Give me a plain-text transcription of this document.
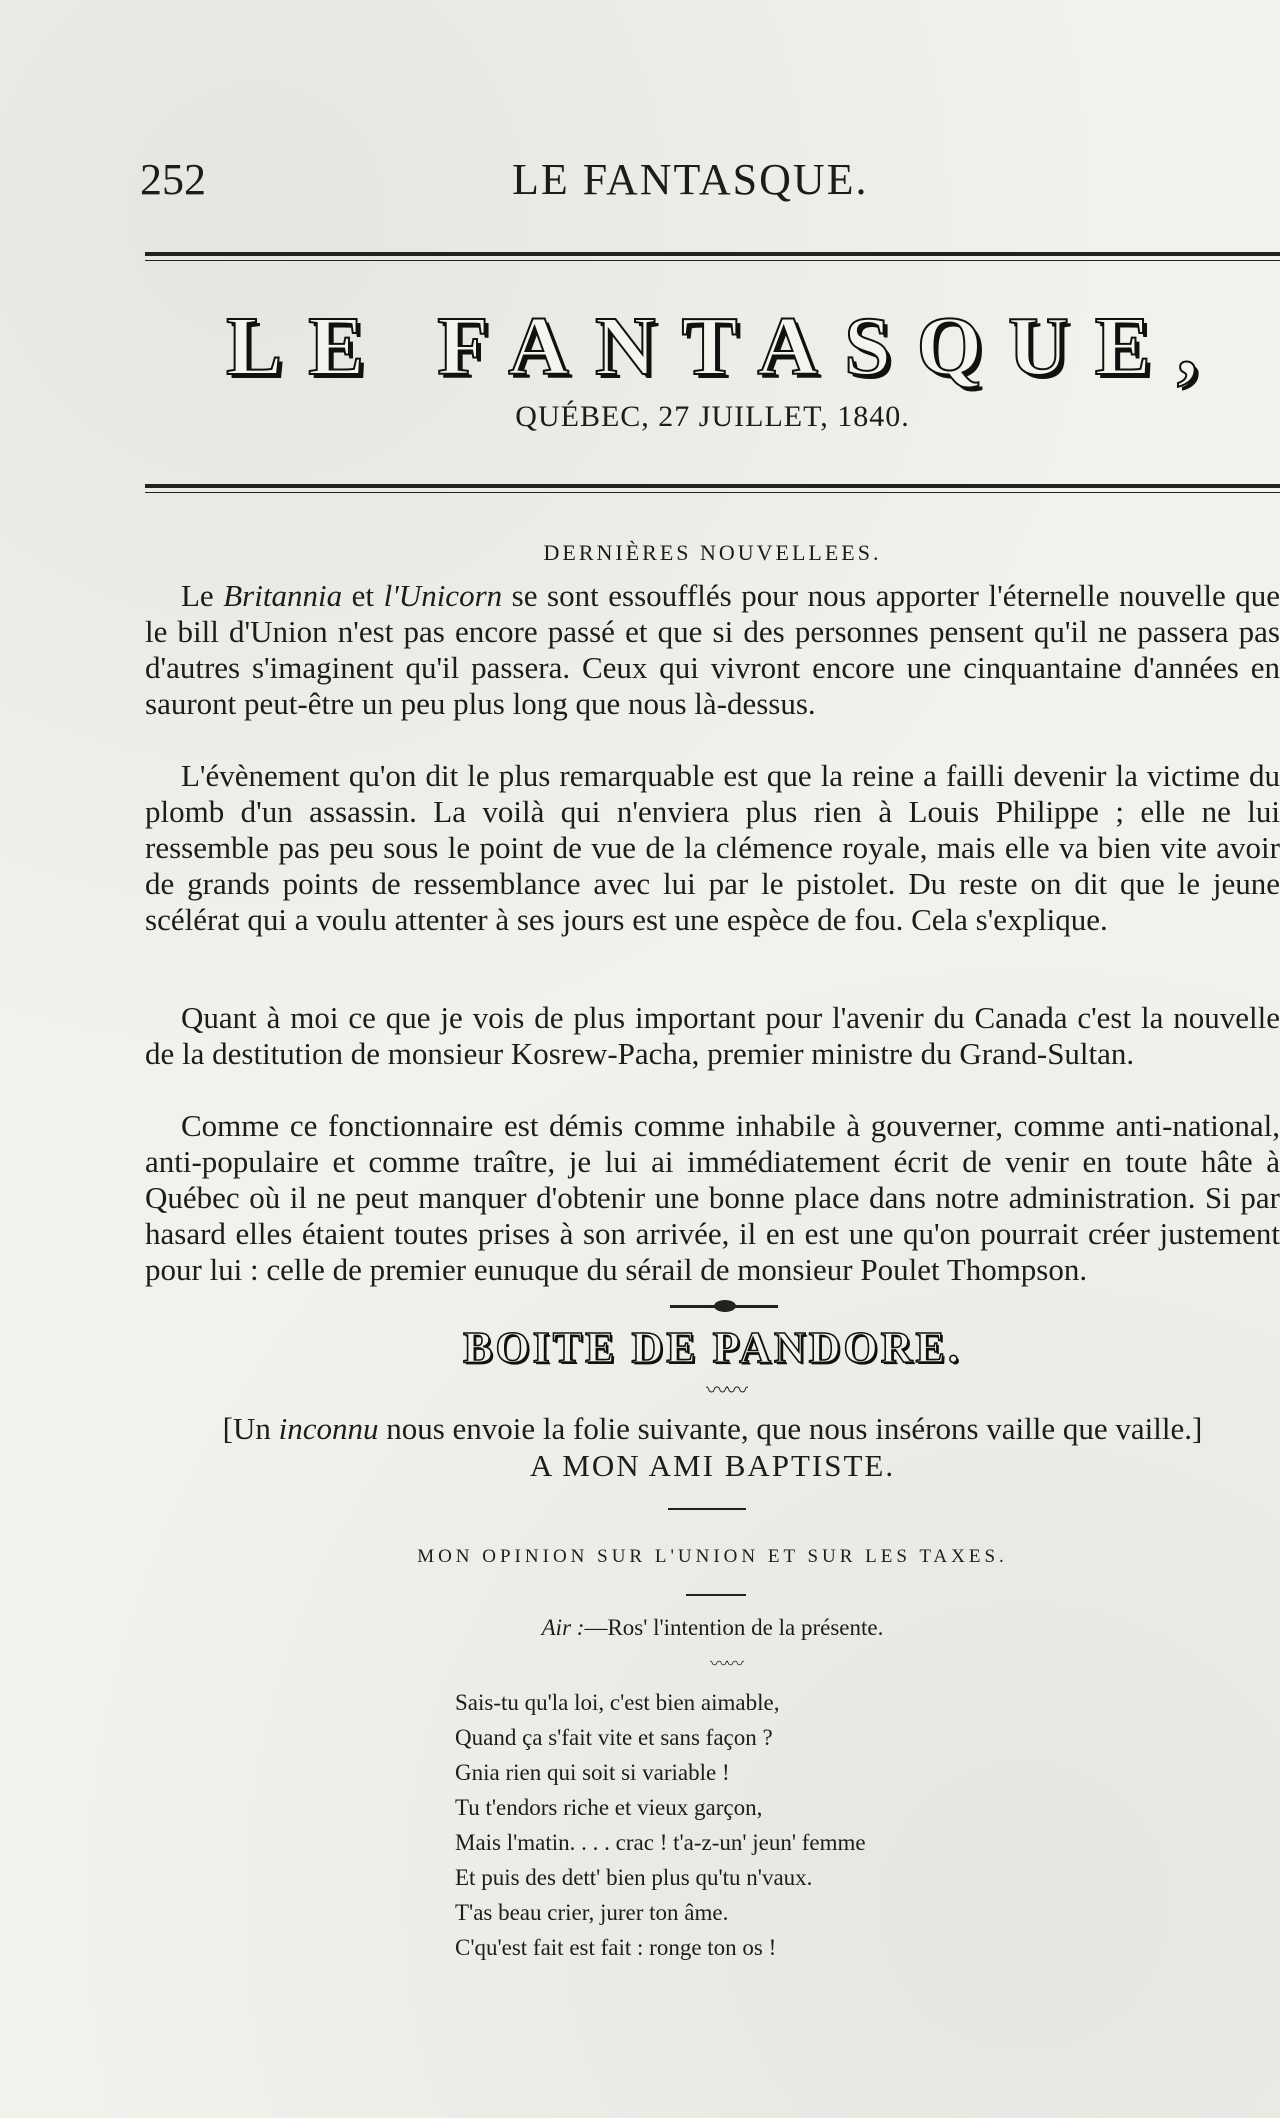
252	LE FANTASQUE.
LE FANTASQUE,
QUÉBEC, 27 JUILLET, 1840.
DERNIÈRES NOUVELLEES.
Le Britannia et l'Unicorn se sont essoufflés pour nous apporter l'éternelle nouvelle que le bill d'Union n'est pas encore passé et que si des personnes pensent qu'il ne passera pas d'autres s'imaginent qu'il passera. Ceux qui vivront encore une cinquantaine d'années en sauront peut-être un peu plus long que nous là-dessus.
L'évènement qu'on dit le plus remarquable est que la reine a failli devenir la victime du plomb d'un assassin. La voilà qui n'enviera plus rien à Louis Philippe ; elle ne lui ressemble pas peu sous le point de vue de la clémence royale, mais elle va bien vite avoir de grands points de ressemblance avec lui par le pistolet. Du reste on dit que le jeune scélérat qui a voulu attenter à ses jours est une espèce de fou. Cela s'explique.
Quant à moi ce que je vois de plus important pour l'avenir du Canada c'est la nouvelle de la destitution de monsieur Kosrew-Pacha, premier ministre du Grand-Sultan.
Comme ce fonctionnaire est démis comme inhabile à gouverner, comme anti-national, anti-populaire et comme traître, je lui ai immédiatement écrit de venir en toute hâte à Québec où il ne peut manquer d'obtenir une bonne place dans notre administration. Si par hasard elles étaient toutes prises à son arrivée, il en est une qu'on pourrait créer justement pour lui : celle de premier eunuque du sérail de monsieur Poulet Thompson.
BOITE DE PANDORE.
〰〰
[Un inconnu nous envoie la folie suivante, que nous insérons vaille que vaille.]
A MON AMI BAPTISTE.
MON OPINION SUR L'UNION ET SUR LES TAXES.
Air :—Ros' l'intention de la présente.
〰〰
Sais-tu qu'la loi, c'est bien aimable,
Quand ça s'fait vite et sans façon ?
Gnia rien qui soit si variable !
Tu t'endors riche et vieux garçon,
Mais l'matin. . . . crac ! t'a-z-un' jeun' femme
Et puis des dett' bien plus qu'tu n'vaux.
T'as beau crier, jurer ton âme.
C'qu'est fait est fait : ronge ton os !
